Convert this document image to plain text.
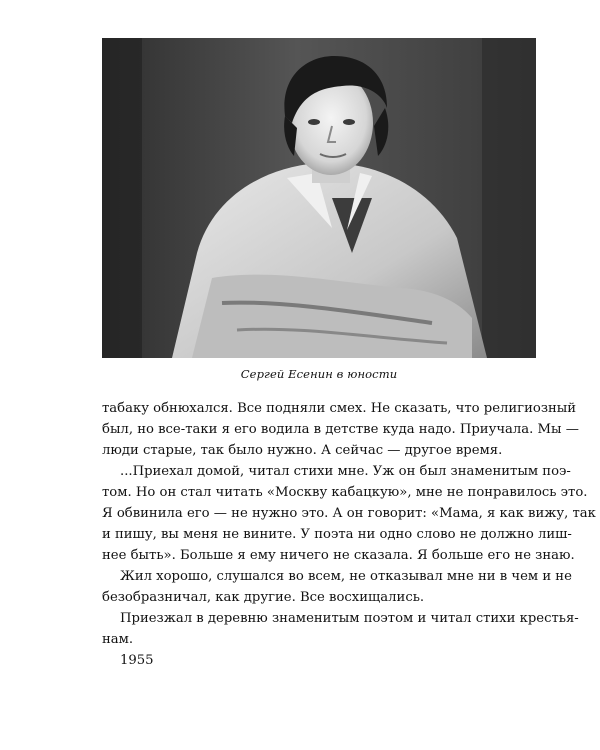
Сергей Есенин в юности
табаку обнюхался. Все подняли смех. Не сказать, что религиозный
был, но все-таки я его водила в детстве куда надо. Приучала. Мы —
люди старые, так было нужно. А сейчас — другое время.
...Приехал домой, читал стихи мне. Уж он был знаменитым поэ-
том. Но он стал читать «Москву кабацкую», мне не понравилось это.
Я обвинила его — не нужно это. А он говорит: «Мама, я как вижу, так
и пишу, вы меня не вините. У поэта ни одно слово не должно лиш-
нее быть». Больше я ему ничего не сказала. Я больше его не знаю.
Жил хорошо, слушался во всем, не отказывал мне ни в чем и не
безобразничал, как другие. Все восхищались.
Приезжал в деревню знаменитым поэтом и читал стихи крестья-
нам.
1955
